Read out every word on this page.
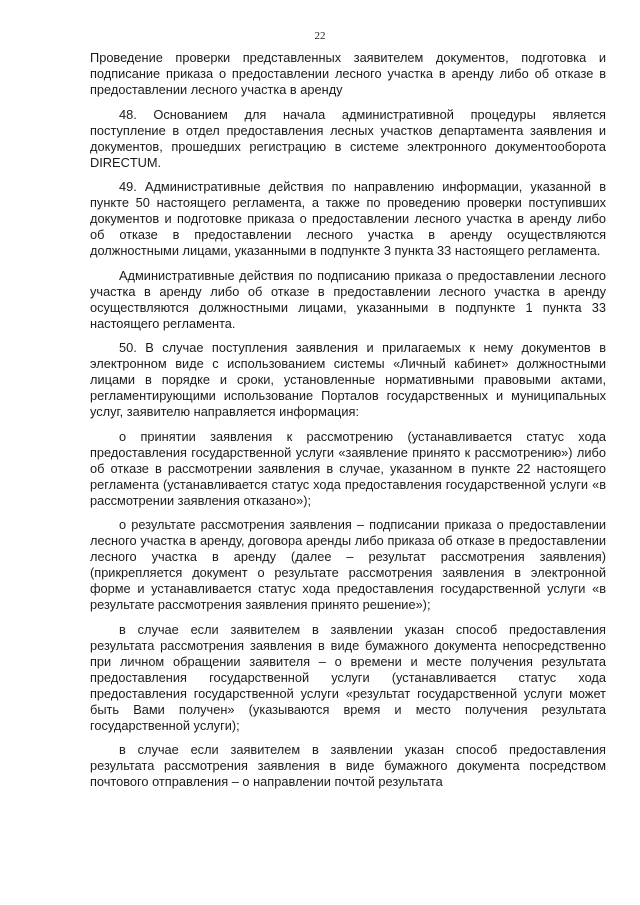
22

Проведение проверки представленных заявителем документов, подготовка и подписание приказа о предоставлении лесного участка в аренду либо об отказе в предоставлении лесного участка в аренду

48. Основанием для начала административной процедуры является поступление в отдел предоставления лесных участков департамента заявления и документов, прошедших регистрацию в системе электронного документооборота DIRECTUM.

49. Административные действия по направлению информации, указанной в пункте 50 настоящего регламента, а также по проведению проверки поступивших документов и подготовке приказа о предоставлении лесного участка в аренду либо об отказе в предоставлении лесного участка в аренду осуществляются должностными лицами, указанными в подпункте 3 пункта 33 настоящего регламента.

Административные действия по подписанию приказа о предоставлении лесного участка в аренду либо об отказе в предоставлении лесного участка в аренду осуществляются должностными лицами, указанными в подпункте 1 пункта 33 настоящего регламента.

50. В случае поступления заявления и прилагаемых к нему документов в электронном виде с использованием системы «Личный кабинет» должностными лицами в порядке и сроки, установленные нормативными правовыми актами, регламентирующими использование Порталов государственных и муниципальных услуг, заявителю направляется информация:

о принятии заявления к рассмотрению (устанавливается статус хода предоставления государственной услуги «заявление принято к рассмотрению») либо об отказе в рассмотрении заявления в случае, указанном в пункте 22 настоящего регламента (устанавливается статус хода предоставления государственной услуги «в рассмотрении заявления отказано»);

о результате рассмотрения заявления – подписании приказа о предоставлении лесного участка в аренду, договора аренды либо приказа об отказе в предоставлении лесного участка в аренду (далее – результат рассмотрения заявления) (прикрепляется документ о результате рассмотрения заявления в электронной форме и устанавливается статус хода предоставления государственной услуги «в результате рассмотрения заявления принято решение»);

в случае если заявителем в заявлении указан способ предоставления результата рассмотрения заявления в виде бумажного документа непосредственно при личном обращении заявителя – о времени и месте получения результата предоставления государственной услуги (устанавливается статус хода предоставления государственной услуги «результат государственной услуги может быть Вами получен» (указываются время и место получения результата государственной услуги);

в случае если заявителем в заявлении указан способ предоставления результата рассмотрения заявления в виде бумажного документа посредством почтового отправления – о направлении почтой результата
